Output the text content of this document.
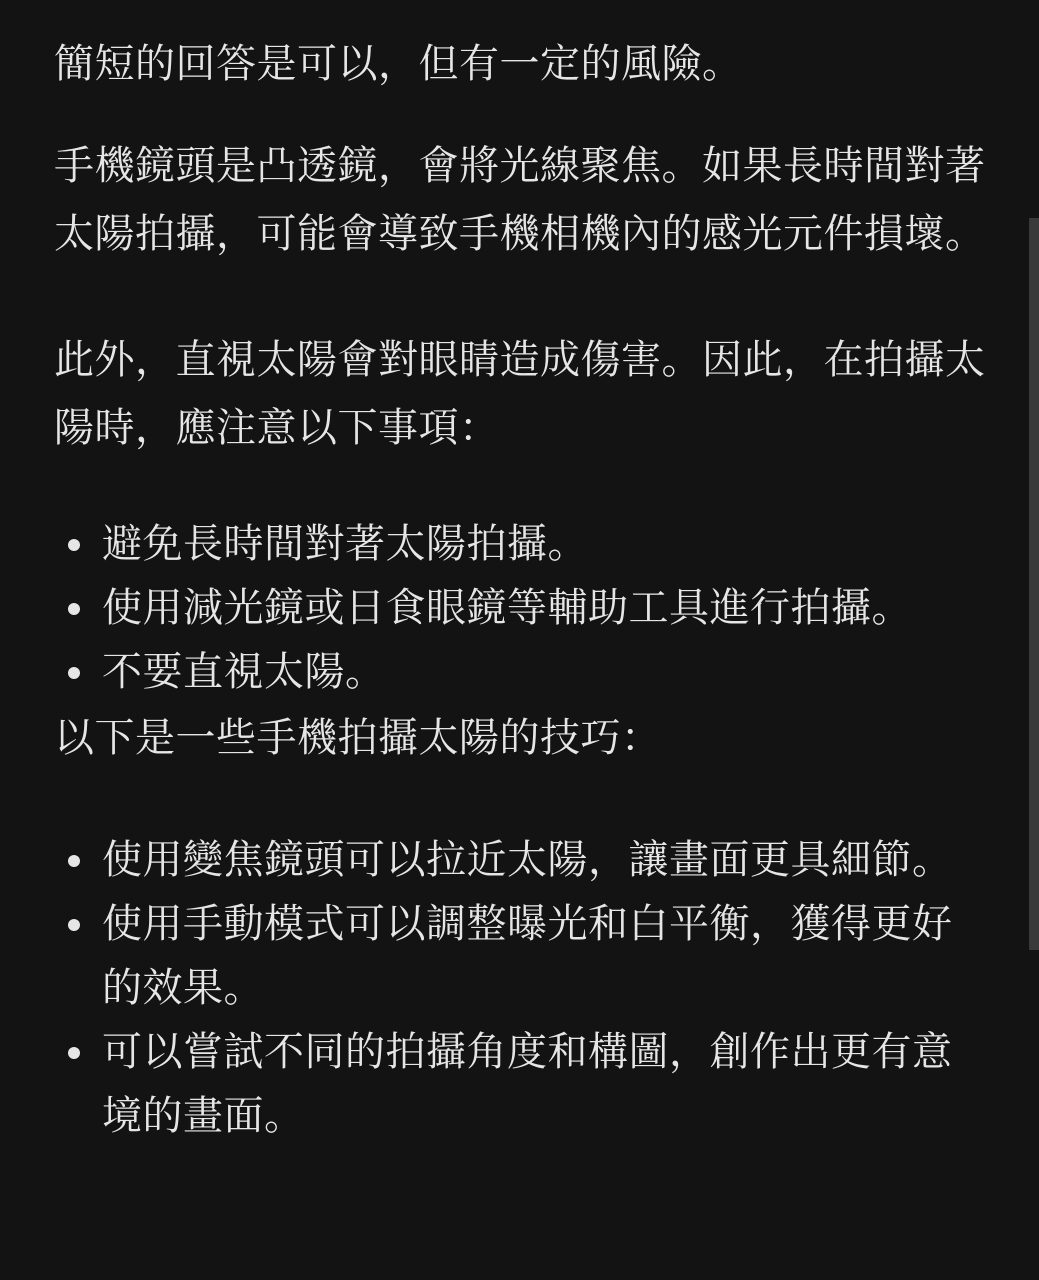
簡短的回答是可以，但有一定的風險。

手機鏡頭是凸透鏡，會將光線聚焦。如果長時間對著太陽拍攝，可能會導致手機相機內的感光元件損壞。

此外，直視太陽會對眼睛造成傷害。因此，在拍攝太陽時，應注意以下事項：

避免長時間對著太陽拍攝。
使用減光鏡或日食眼鏡等輔助工具進行拍攝。
不要直視太陽。

以下是一些手機拍攝太陽的技巧：

使用變焦鏡頭可以拉近太陽，讓畫面更具細節。
使用手動模式可以調整曝光和白平衡，獲得更好的效果。
可以嘗試不同的拍攝角度和構圖，創作出更有意境的畫面。
